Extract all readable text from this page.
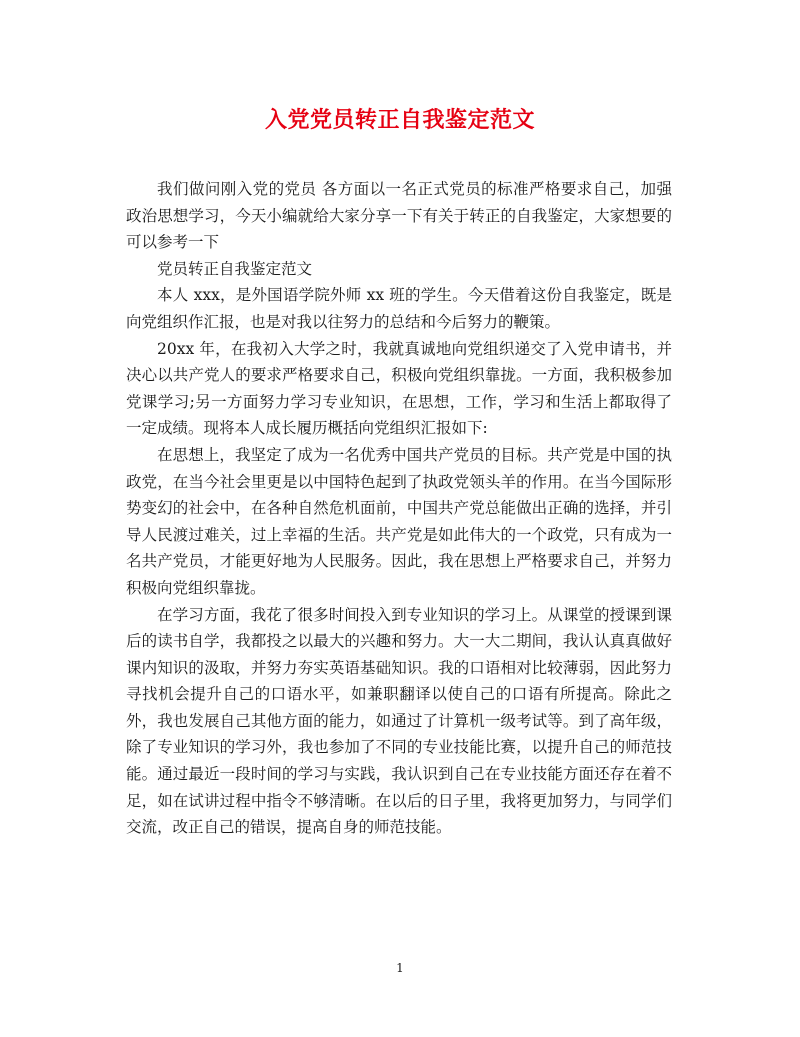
入党党员转正自我鉴定范文

我们做问刚入党的党员 各方面以一名正式党员的标准严格要求自己，加强政治思想学习，今天小编就给大家分享一下有关于转正的自我鉴定，大家想要的可以参考一下

党员转正自我鉴定范文

本人 xxx，是外国语学院外师 xx 班的学生。今天借着这份自我鉴定，既是向党组织作汇报，也是对我以往努力的总结和今后努力的鞭策。

20xx 年，在我初入大学之时，我就真诚地向党组织递交了入党申请书，并决心以共产党人的要求严格要求自己，积极向党组织靠拢。一方面，我积极参加党课学习;另一方面努力学习专业知识，在思想，工作，学习和生活上都取得了一定成绩。现将本人成长履历概括向党组织汇报如下:

在思想上，我坚定了成为一名优秀中国共产党员的目标。共产党是中国的执政党，在当今社会里更是以中国特色起到了执政党领头羊的作用。在当今国际形势变幻的社会中，在各种自然危机面前，中国共产党总能做出正确的选择，并引导人民渡过难关，过上幸福的生活。共产党是如此伟大的一个政党，只有成为一名共产党员，才能更好地为人民服务。因此，我在思想上严格要求自己，并努力积极向党组织靠拢。

在学习方面，我花了很多时间投入到专业知识的学习上。从课堂的授课到课后的读书自学，我都投之以最大的兴趣和努力。大一大二期间，我认认真真做好课内知识的汲取，并努力夯实英语基础知识。我的口语相对比较薄弱，因此努力寻找机会提升自己的口语水平，如兼职翻译以使自己的口语有所提高。除此之外，我也发展自己其他方面的能力，如通过了计算机一级考试等。到了高年级，除了专业知识的学习外，我也参加了不同的专业技能比赛，以提升自己的师范技能。通过最近一段时间的学习与实践，我认识到自己在专业技能方面还存在着不足，如在试讲过程中指令不够清晰。在以后的日子里，我将更加努力，与同学们交流，改正自己的错误，提高自身的师范技能。

1
